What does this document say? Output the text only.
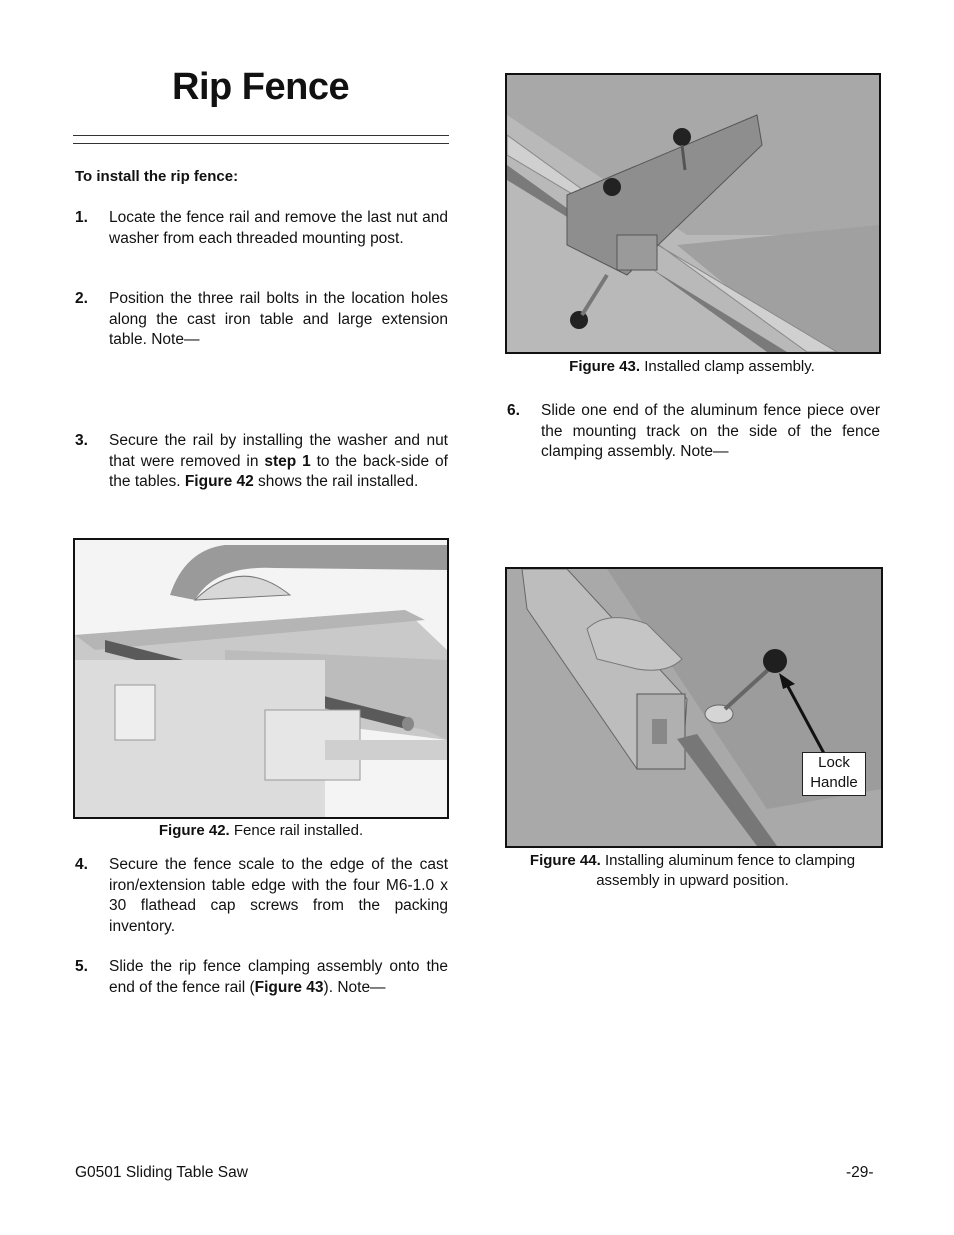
Rip Fence
To install the rip fence:
1. Locate the fence rail and remove the last nut and washer from each threaded mounting post.
2. Position the three rail bolts in the location holes along the cast iron table and large extension table. Note—
3. Secure the rail by installing the washer and nut that were removed in step 1 to the back-side of the tables. Figure 42 shows the rail installed.
Figure 42. Fence rail installed.
4. Secure the fence scale to the edge of the cast iron/extension table edge with the four M6-1.0 x 30 flathead cap screws from the packing inventory.
5. Slide the rip fence clamping assembly onto the end of the fence rail (Figure 43). Note—
Figure 43. Installed clamp assembly.
6. Slide one end of the aluminum fence piece over the mounting track on the side of the fence clamping assembly. Note—
Lock
Handle
Figure 44. Installing aluminum fence to clamping assembly in upward position.
G0501 Sliding Table Saw	-29-
